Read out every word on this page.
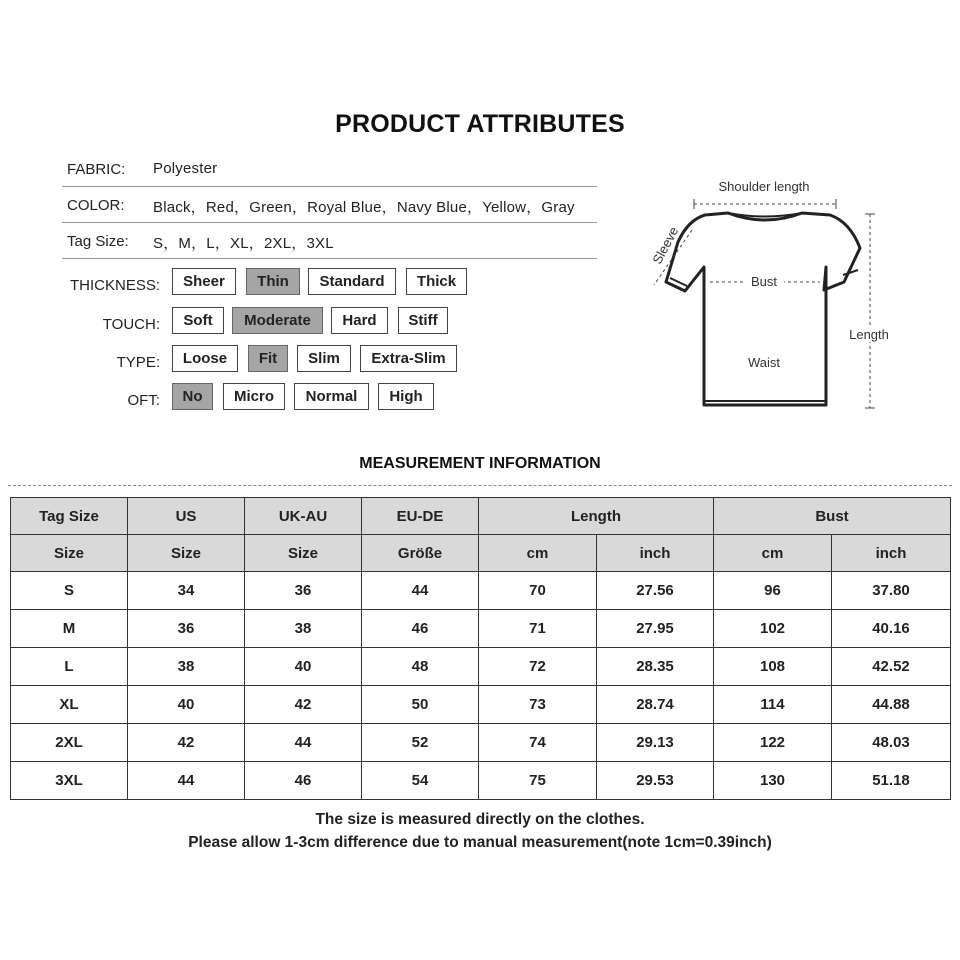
PRODUCT ATTRIBUTES
FABRIC: Polyester
COLOR: Black，Red，Green，Royal Blue，Navy Blue，Yellow，Gray
Tag Size: S，M，L，XL，2XL，3XL
THICKNESS:	Sheer	Thin	Standard	Thick
TOUCH:	Soft	Moderate	Hard	Stiff
TYPE:	Loose	Fit	Slim	Extra-Slim
OFT:	No	Micro	Normal	High
Shoulder length
Sleeve
Bust
Length
Waist
MEASUREMENT INFORMATION
Tag Size	US	UK-AU	EU-DE	Length		Bust	
Size	Size	Size	Größe	cm	inch	cm	inch
S	34	36	44	70	27.56	96	37.80
M	36	38	46	71	27.95	102	40.16
L	38	40	48	72	28.35	108	42.52
XL	40	42	50	73	28.74	114	44.88
2XL	42	44	52	74	29.13	122	48.03
3XL	44	46	54	75	29.53	130	51.18
The size is measured directly on the clothes.
Please allow 1-3cm difference due to manual measurement(note 1cm=0.39inch)
